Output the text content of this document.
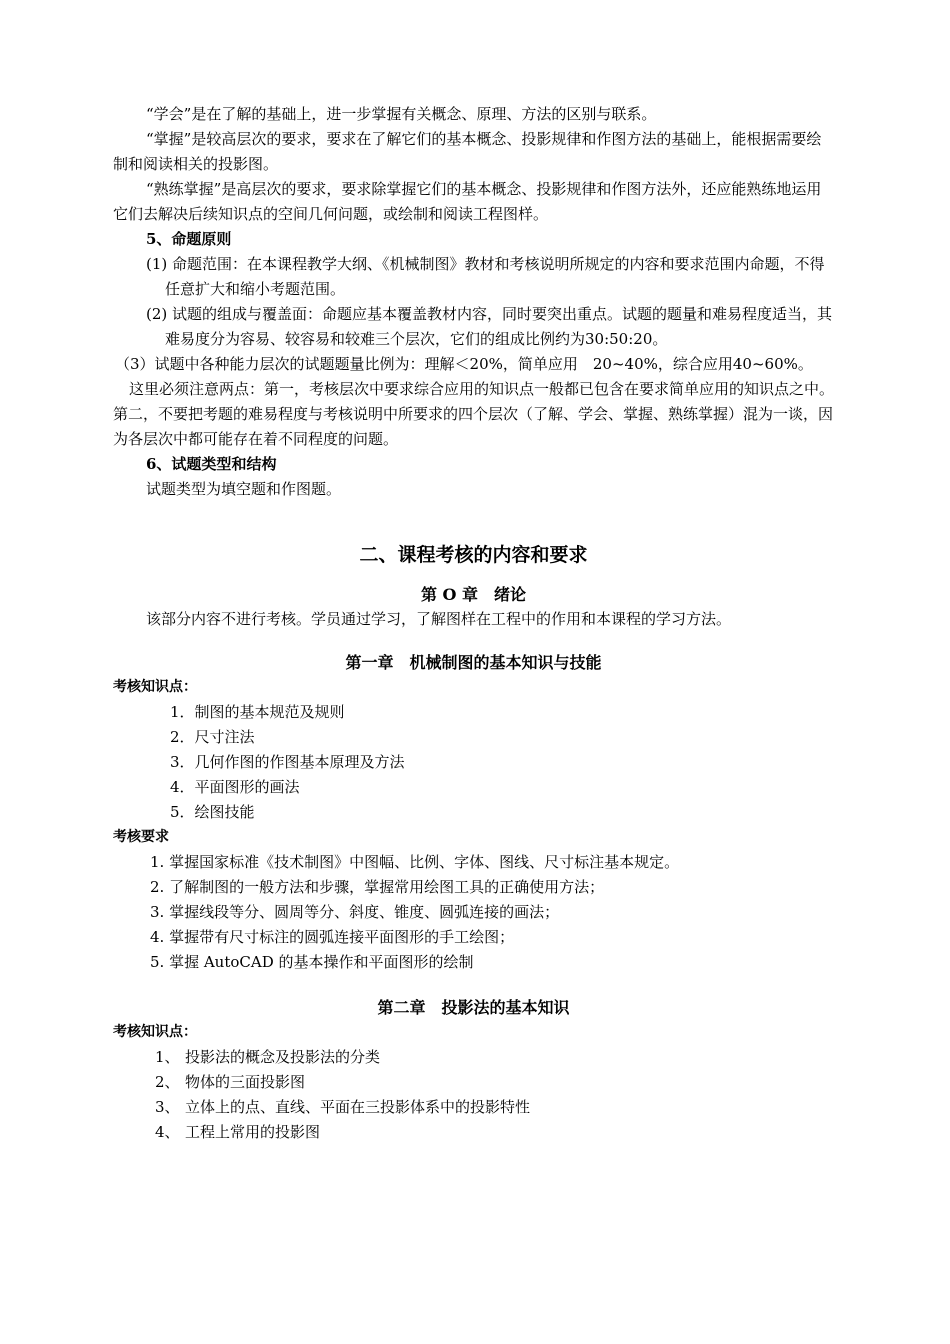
“学会”是在了解的基础上，进一步掌握有关概念、原理、方法的区别与联系。

“掌握”是较高层次的要求，要求在了解它们的基本概念、投影规律和作图方法的基础上，能根据需要绘制和阅读相关的投影图。

“熟练掌握”是高层次的要求，要求除掌握它们的基本概念、投影规律和作图方法外，还应能熟练地运用它们去解决后续知识点的空间几何问题，或绘制和阅读工程图样。

5、命题原则

(1) 命题范围：在本课程教学大纲、《机械制图》教材和考核说明所规定的内容和要求范围内命题，不得任意扩大和缩小考题范围。

(2) 试题的组成与覆盖面：命题应基本覆盖教材内容，同时要突出重点。试题的题量和难易程度适当，其难易度分为容易、较容易和较难三个层次，它们的组成比例约为30:50:20。

（3）试题中各种能力层次的试题题量比例为：理解＜20%，简单应用　20~40%，综合应用40~60%。

这里必须注意两点：第一，考核层次中要求综合应用的知识点一般都已包含在要求简单应用的知识点之中。第二，不要把考题的难易程度与考核说明中所要求的四个层次（了解、学会、掌握、熟练掌握）混为一谈，因为各层次中都可能存在着不同程度的问题。

6、试题类型和结构

试题类型为填空题和作图题。

二、课程考核的内容和要求

第 O 章　绪论

该部分内容不进行考核。学员通过学习，了解图样在工程中的作用和本课程的学习方法。

第一章　机械制图的基本知识与技能

考核知识点：

1．制图的基本规范及规则

2．尺寸注法

3．几何作图的作图基本原理及方法

4．平面图形的画法

5．绘图技能

考核要求

1. 掌握国家标准《技术制图》中图幅、比例、字体、图线、尺寸标注基本规定。

2. 了解制图的一般方法和步骤，掌握常用绘图工具的正确使用方法；

3. 掌握线段等分、圆周等分、斜度、锥度、圆弧连接的画法；

4. 掌握带有尺寸标注的圆弧连接平面图形的手工绘图；

5. 掌握 AutoCAD 的基本操作和平面图形的绘制

第二章　投影法的基本知识

考核知识点：

1、 投影法的概念及投影法的分类

2、 物体的三面投影图

3、 立体上的点、直线、平面在三投影体系中的投影特性

4、 工程上常用的投影图
